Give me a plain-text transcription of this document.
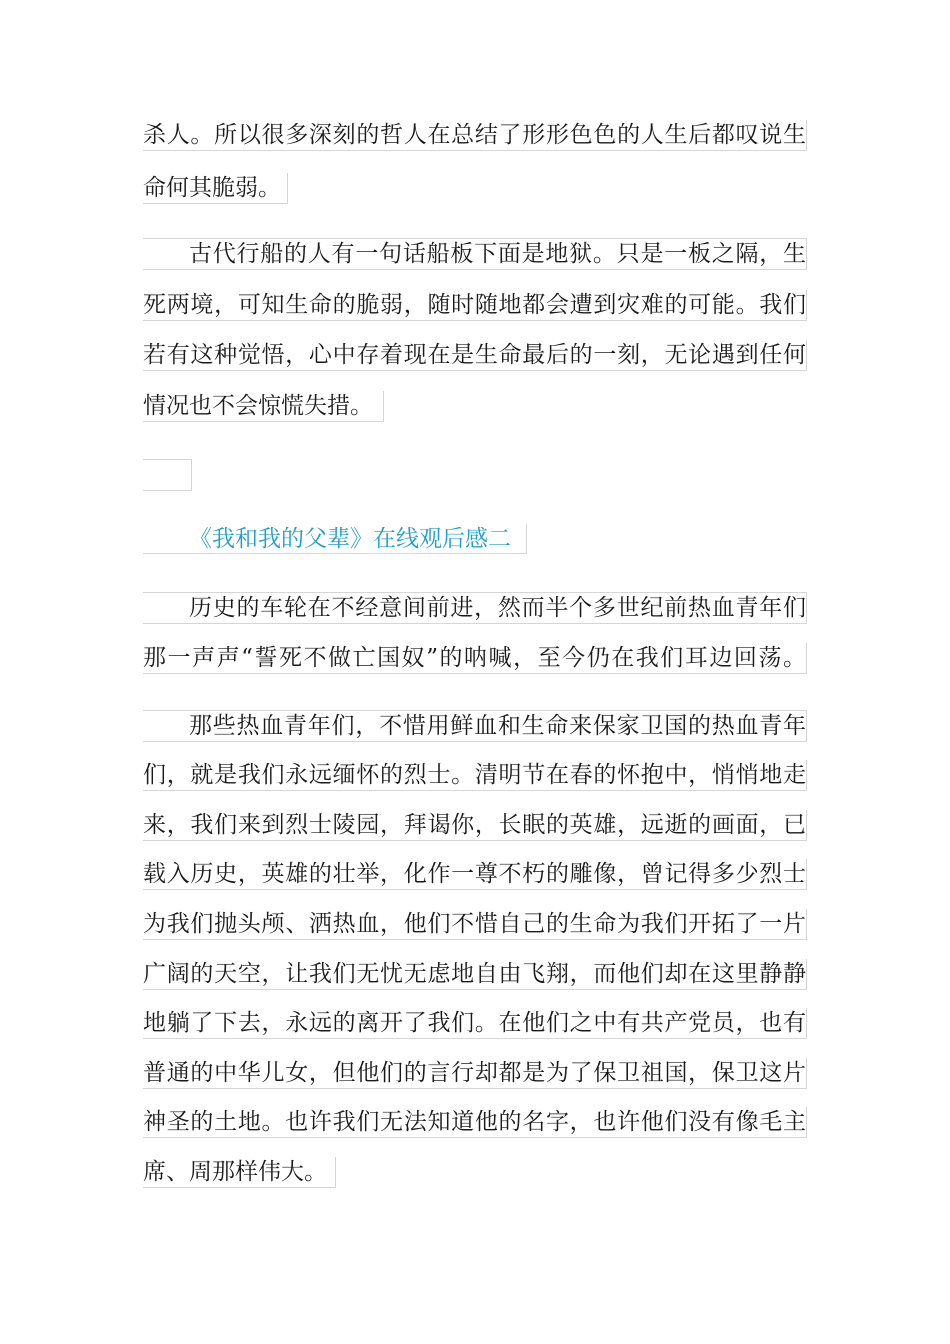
杀人。所以很多深刻的哲人在总结了形形色色的人生后都叹说生
命何其脆弱。
古代行船的人有一句话船板下面是地狱。只是一板之隔，生
死两境，可知生命的脆弱，随时随地都会遭到灾难的可能。我们
若有这种觉悟，心中存着现在是生命最后的一刻，无论遇到任何
情况也不会惊慌失措。
《我和我的父辈》在线观后感二
历史的车轮在不经意间前进，然而半个多世纪前热血青年们
那一声声“誓死不做亡国奴”的呐喊，至今仍在我们耳边回荡。
那些热血青年们，不惜用鲜血和生命来保家卫国的热血青年
们，就是我们永远缅怀的烈士。清明节在春的怀抱中，悄悄地走
来，我们来到烈士陵园，拜谒你，长眠的英雄，远逝的画面，已
载入历史，英雄的壮举，化作一尊不朽的雕像，曾记得多少烈士
为我们抛头颅、洒热血，他们不惜自己的生命为我们开拓了一片
广阔的天空，让我们无忧无虑地自由飞翔，而他们却在这里静静
地躺了下去，永远的离开了我们。在他们之中有共产党员，也有
普通的中华儿女，但他们的言行却都是为了保卫祖国，保卫这片
神圣的土地。也许我们无法知道他的名字，也许他们没有像毛主
席、周那样伟大。
